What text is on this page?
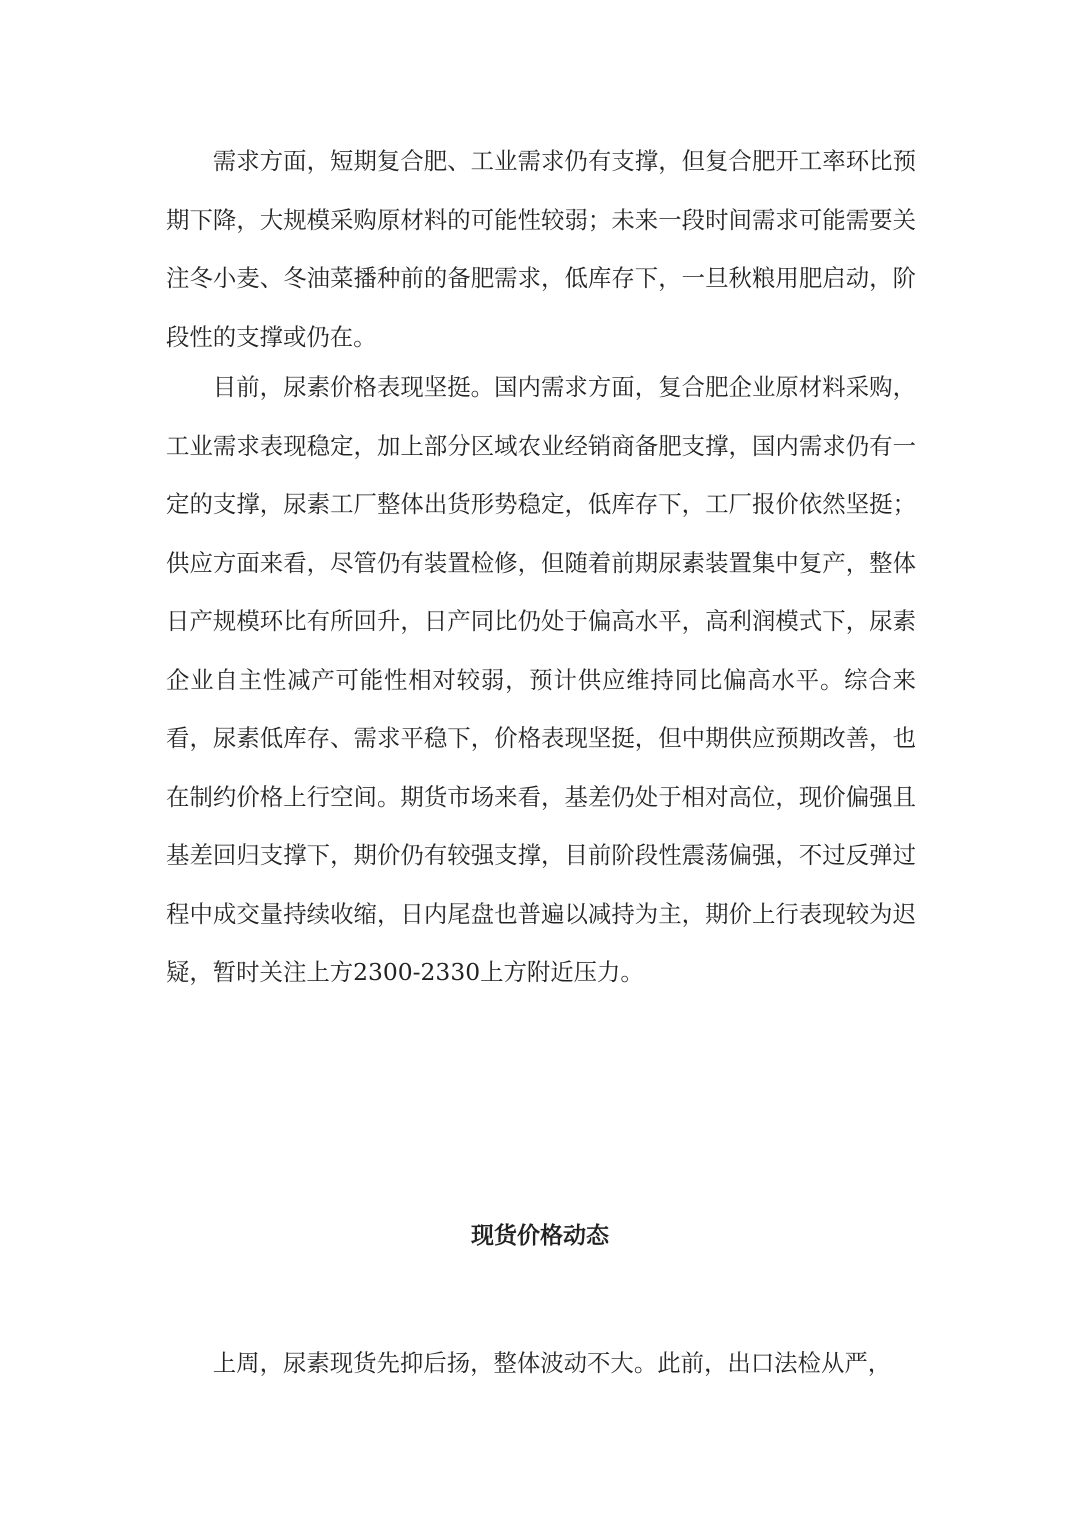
需求方面，短期复合肥、工业需求仍有支撑，但复合肥开工率环比预期下降，大规模采购原材料的可能性较弱；未来一段时间需求可能需要关注冬小麦、冬油菜播种前的备肥需求，低库存下，一旦秋粮用肥启动，阶段性的支撑或仍在。

目前，尿素价格表现坚挺。国内需求方面，复合肥企业原材料采购，工业需求表现稳定，加上部分区域农业经销商备肥支撑，国内需求仍有一定的支撑，尿素工厂整体出货形势稳定，低库存下，工厂报价依然坚挺；供应方面来看，尽管仍有装置检修，但随着前期尿素装置集中复产，整体日产规模环比有所回升，日产同比仍处于偏高水平，高利润模式下，尿素企业自主性减产可能性相对较弱，预计供应维持同比偏高水平。综合来看，尿素低库存、需求平稳下，价格表现坚挺，但中期供应预期改善，也在制约价格上行空间。期货市场来看，基差仍处于相对高位，现价偏强且基差回归支撑下，期价仍有较强支撑，目前阶段性震荡偏强，不过反弹过程中成交量持续收缩，日内尾盘也普遍以减持为主，期价上行表现较为迟疑，暂时关注上方2300-2330上方附近压力。

现货价格动态

上周，尿素现货先抑后扬，整体波动不大。此前，出口法检从严，
